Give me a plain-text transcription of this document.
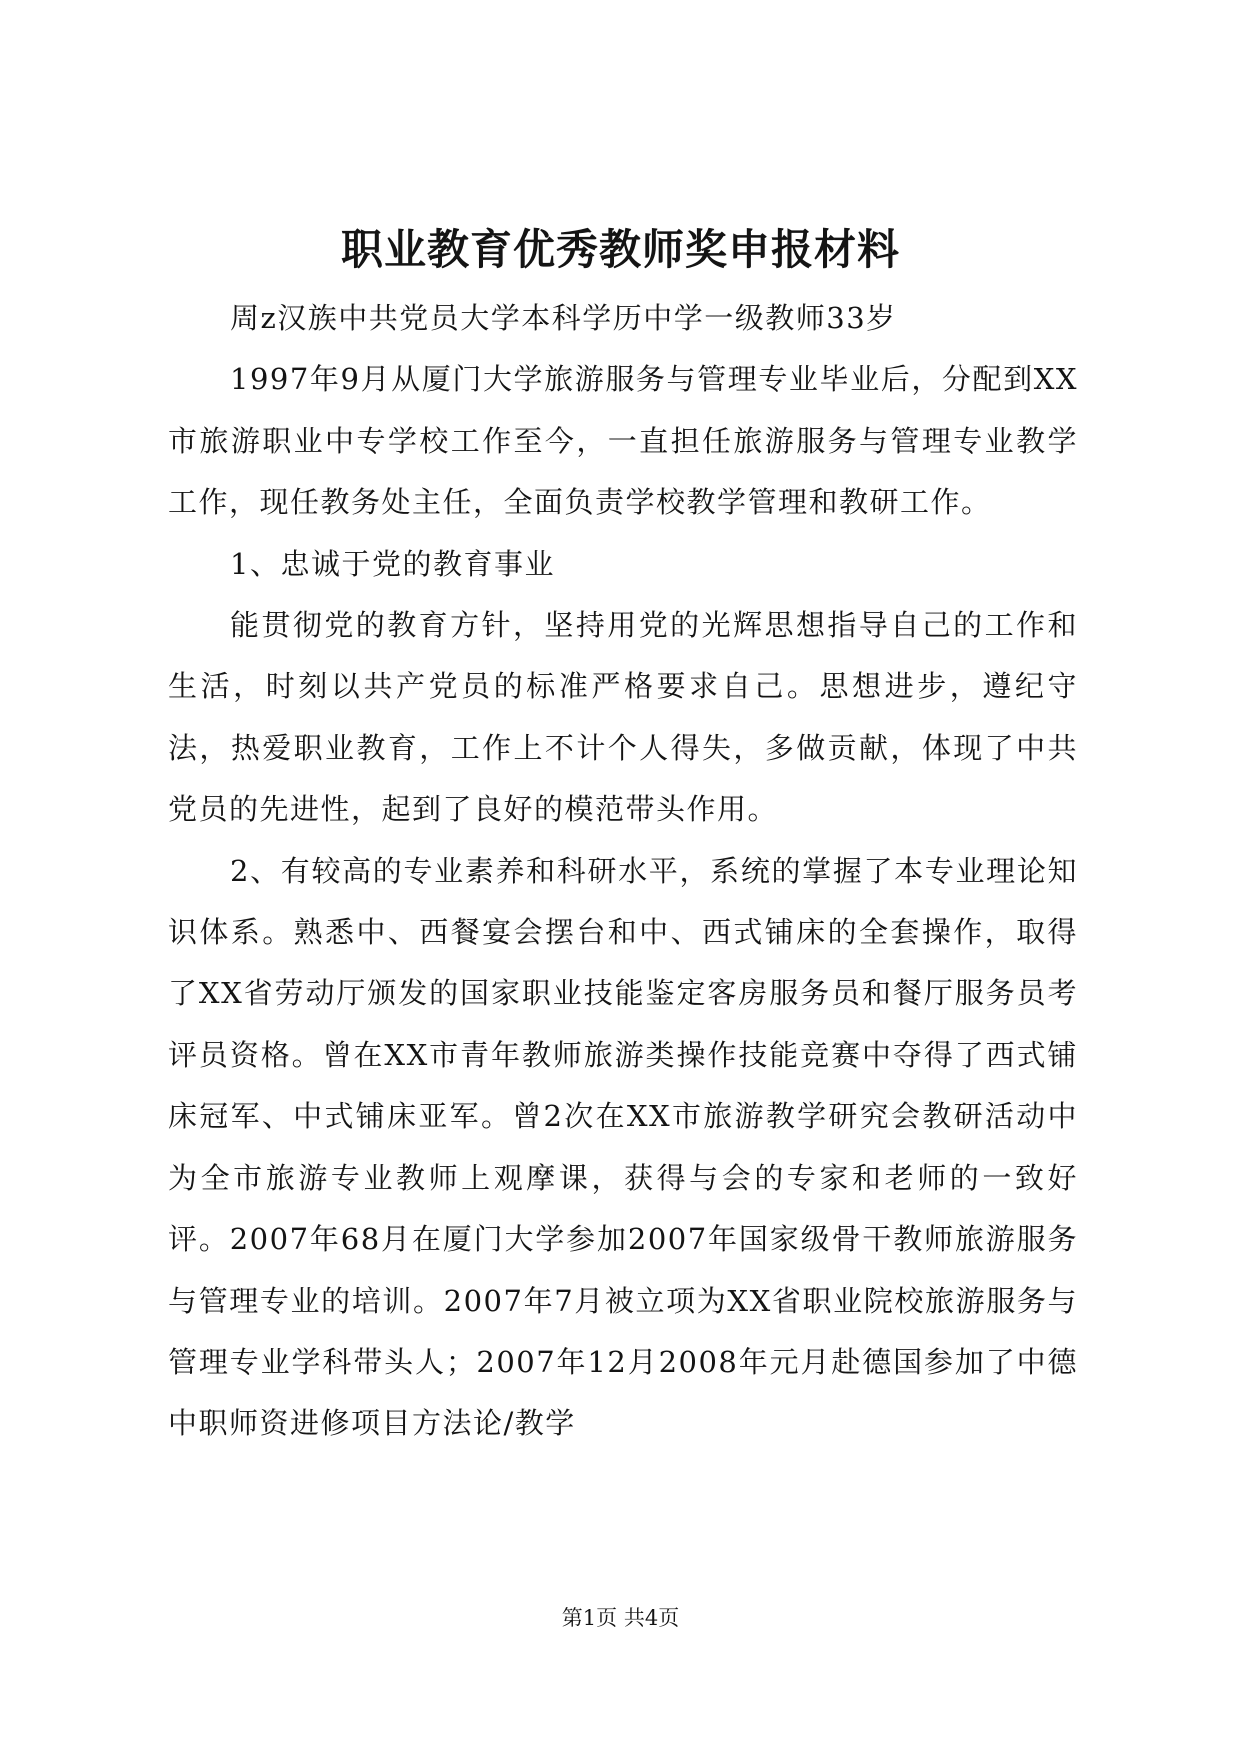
职业教育优秀教师奖申报材料

周z汉族中共党员大学本科学历中学一级教师33岁

1997年9月从厦门大学旅游服务与管理专业毕业后，分配到XX市旅游职业中专学校工作至今，一直担任旅游服务与管理专业教学工作，现任教务处主任，全面负责学校教学管理和教研工作。

1、忠诚于党的教育事业

能贯彻党的教育方针，坚持用党的光辉思想指导自己的工作和生活，时刻以共产党员的标准严格要求自己。思想进步，遵纪守法，热爱职业教育，工作上不计个人得失，多做贡献，体现了中共党员的先进性，起到了良好的模范带头作用。

2、有较高的专业素养和科研水平，系统的掌握了本专业理论知识体系。熟悉中、西餐宴会摆台和中、西式铺床的全套操作，取得了XX省劳动厅颁发的国家职业技能鉴定客房服务员和餐厅服务员考评员资格。曾在XX市青年教师旅游类操作技能竞赛中夺得了西式铺床冠军、中式铺床亚军。曾2次在XX市旅游教学研究会教研活动中为全市旅游专业教师上观摩课，获得与会的专家和老师的一致好评。2007年68月在厦门大学参加2007年国家级骨干教师旅游服务与管理专业的培训。2007年7月被立项为XX省职业院校旅游服务与管理专业学科带头人；2007年12月2008年元月赴德国参加了中德中职师资进修项目方法论/教学

第1页 共4页
